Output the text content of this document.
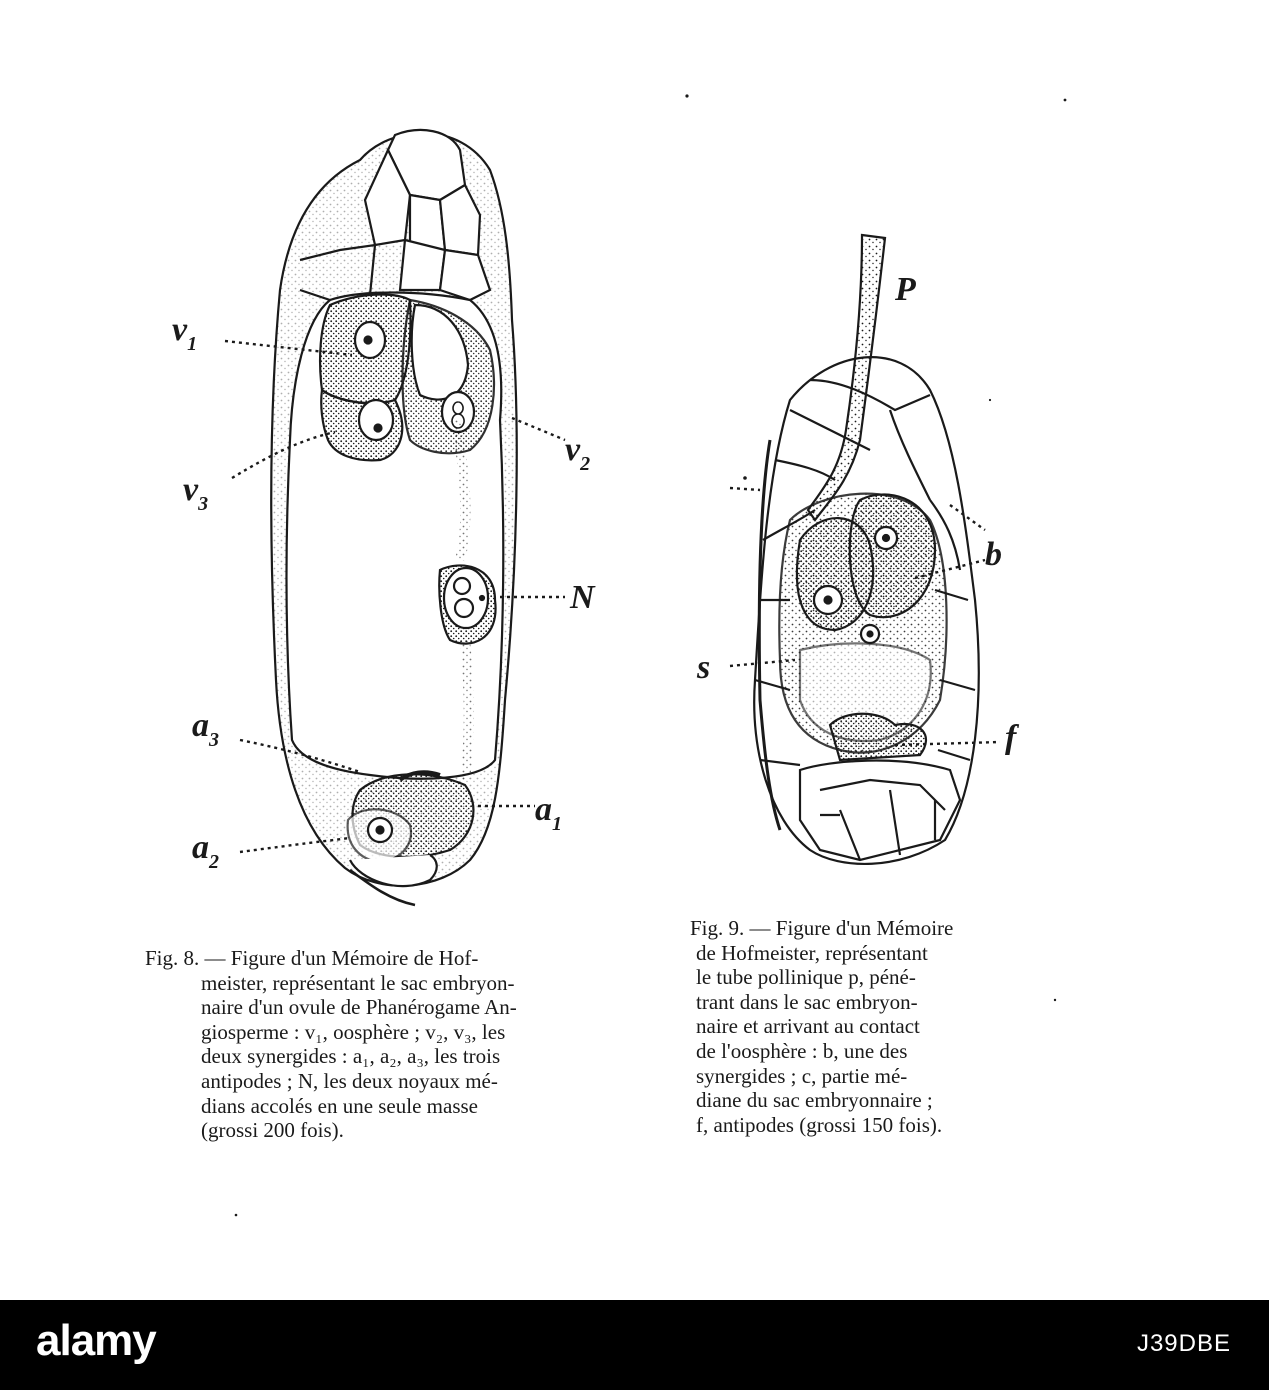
$v_1$
$v_2$
$v_3$
N
$a_3$
$a_1$
$a_2$
P
b
s
f
Fig. 8. — Figure d'un Mémoire de Hof-
meister, représentant le sac embryon-
naire d'un ovule de Phanérogame An-
giosperme : v₁, oosphère ; v₂, v₃, les
deux synergides : a₁, a₂, a₃, les trois
antipodes ; N, les deux noyaux mé-
dians accolés en une seule masse
(grossi 200 fois).
Fig. 9. — Figure d'un Mémoire
de Hofmeister, représentant
le tube pollinique p, péné-
trant dans le sac embryon-
naire et arrivant au contact
de l'oosphère : b, une des
synergides ; c, partie mé-
diane du sac embryonnaire ;
f, antipodes (grossi 150 fois).
alamy	J39DBE
